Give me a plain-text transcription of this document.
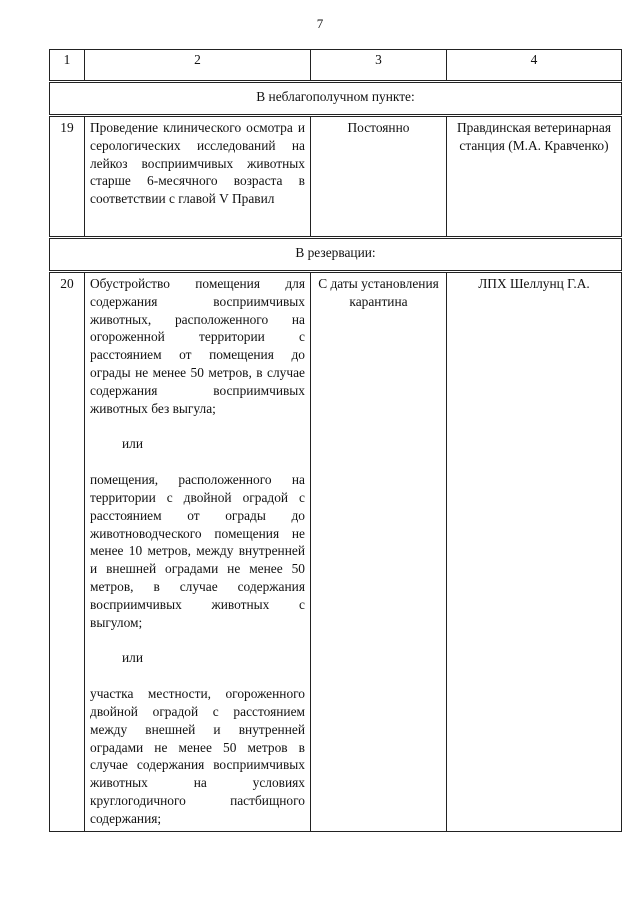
7
1	2	3	4
В неблагополучном пункте:			
19	Проведение клинического осмотра и серологических исследований на лейкоз восприимчивых животных старше 6-месячного возраста в соответствии с главой V Правил	Постоянно	Правдинская ветеринарная станция (М.А. Кравченко)
В резервации:			
20	Обустройство помещения для содержания восприимчивых животных, расположенного на огороженной территории с расстоянием от помещения до ограды не менее 50 метров, в случае содержания восприимчивых животных без выгула;

или

помещения, расположенного на территории с двойной оградой с расстоянием от ограды до животноводческого помещения не менее 10 метров, между внутренней и внешней оградами не менее 50 метров, в случае содержания восприимчивых животных с выгулом;

или

участка местности, огороженного двойной оградой с расстоянием между внешней и внутренней оградами не менее 50 метров в случае содержания восприимчивых животных на условиях круглогодичного пастбищного содержания;	С даты установления карантина	ЛПХ Шеллунц Г.А.
